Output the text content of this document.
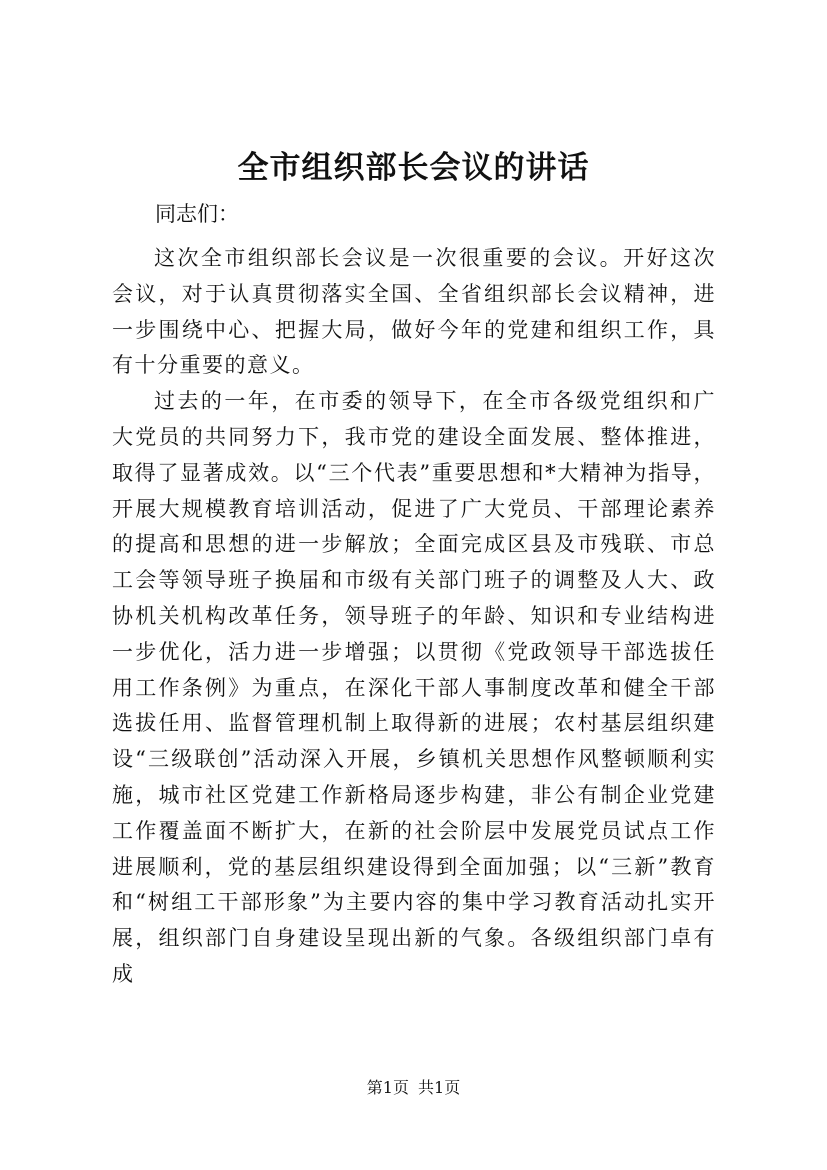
全市组织部长会议的讲话
同志们：

这次全市组织部长会议是一次很重要的会议。开好这次会议，对于认真贯彻落实全国、全省组织部长会议精神，进一步围绕中心、把握大局，做好今年的党建和组织工作，具有十分重要的意义。

过去的一年，在市委的领导下，在全市各级党组织和广大党员的共同努力下，我市党的建设全面发展、整体推进，取得了显著成效。以“三个代表”重要思想和*大精神为指导，开展大规模教育培训活动，促进了广大党员、干部理论素养的提高和思想的进一步解放；全面完成区县及市残联、市总工会等领导班子换届和市级有关部门班子的调整及人大、政协机关机构改革任务，领导班子的年龄、知识和专业结构进一步优化，活力进一步增强；以贯彻《党政领导干部选拔任用工作条例》为重点，在深化干部人事制度改革和健全干部选拔任用、监督管理机制上取得新的进展；农村基层组织建设“三级联创”活动深入开展，乡镇机关思想作风整顿顺利实施，城市社区党建工作新格局逐步构建，非公有制企业党建工作覆盖面不断扩大，在新的社会阶层中发展党员试点工作进展顺利，党的基层组织建设得到全面加强；以“三新”教育和“树组工干部形象”为主要内容的集中学习教育活动扎实开展，组织部门自身建设呈现出新的气象。各级组织部门卓有成

第1页 共1页
